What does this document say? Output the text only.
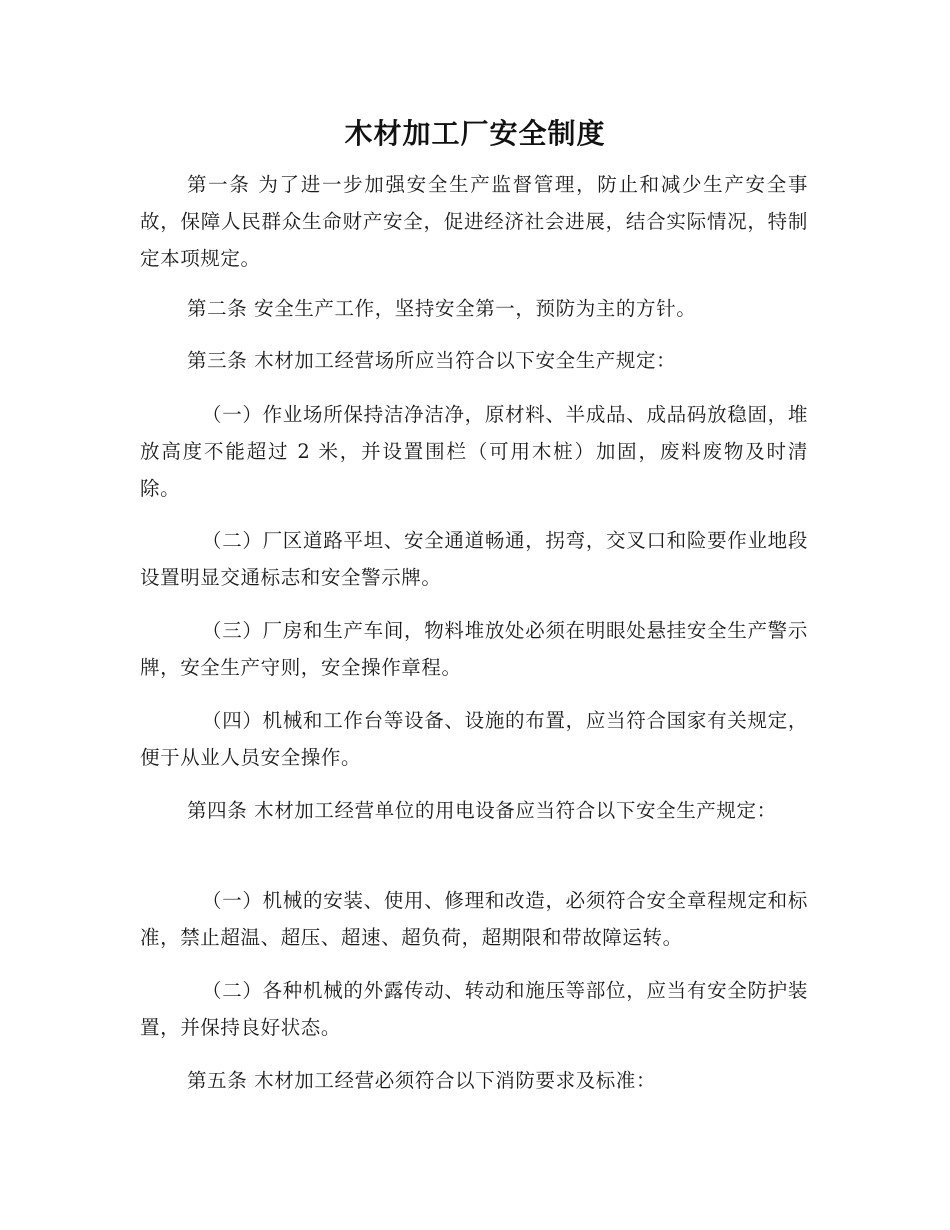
木材加工厂安全制度

第一条 为了进一步加强安全生产监督管理，防止和减少生产安全事故，保障人民群众生命财产安全，促进经济社会进展，结合实际情况，特制定本项规定。

第二条 安全生产工作，坚持安全第一，预防为主的方针。

第三条 木材加工经营场所应当符合以下安全生产规定：

（一）作业场所保持洁净洁净，原材料、半成品、成品码放稳固，堆放高度不能超过 2 米，并设置围栏（可用木桩）加固，废料废物及时清除。

（二）厂区道路平坦、安全通道畅通，拐弯，交叉口和险要作业地段设置明显交通标志和安全警示牌。

（三）厂房和生产车间，物料堆放处必须在明眼处悬挂安全生产警示牌，安全生产守则，安全操作章程。

（四）机械和工作台等设备、设施的布置，应当符合国家有关规定，便于从业人员安全操作。

第四条 木材加工经营单位的用电设备应当符合以下安全生产规定：

（一）机械的安装、使用、修理和改造，必须符合安全章程规定和标准，禁止超温、超压、超速、超负荷，超期限和带故障运转。

（二）各种机械的外露传动、转动和施压等部位，应当有安全防护装置，并保持良好状态。

第五条 木材加工经营必须符合以下消防要求及标准：
